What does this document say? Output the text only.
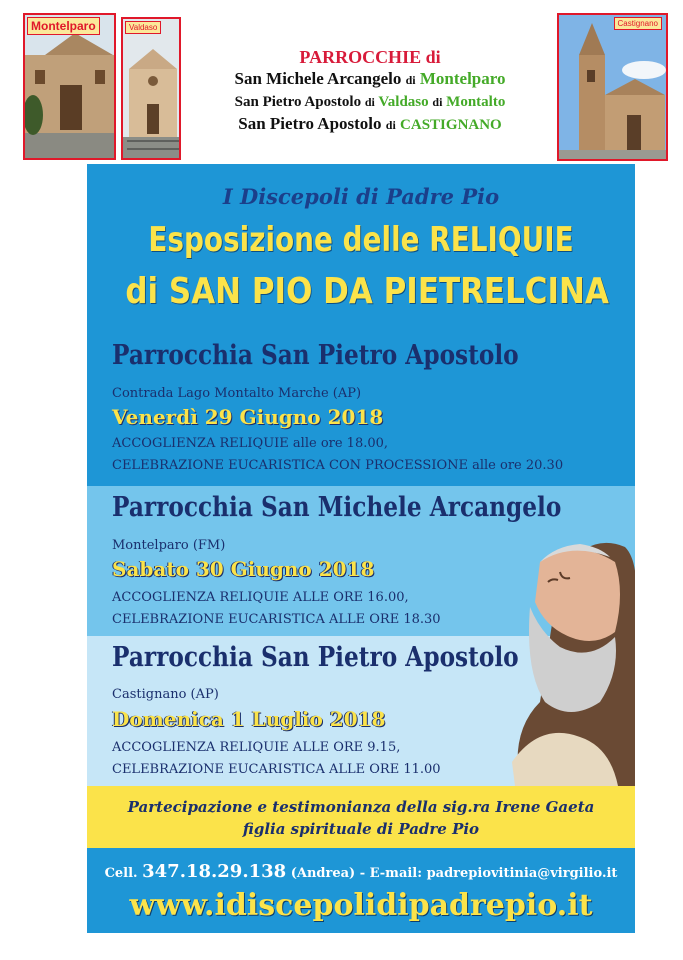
Montelparo	Valdaso	Castignano
PARROCCHIE di
San Michele Arcangelo di Montelparo
San Pietro Apostolo di Valdaso di Montalto
San Pietro Apostolo di CASTIGNANO
I Discepoli di Padre Pio
Esposizione delle RELIQUIE
di SAN PIO DA PIETRELCINA
Parrocchia San Pietro Apostolo
Contrada Lago Montalto Marche (AP)
Venerdì 29 Giugno 2018
ACCOGLIENZA RELIQUIE alle ore 18.00,
CELEBRAZIONE EUCARISTICA CON PROCESSIONE alle ore 20.30
Parrocchia San Michele Arcangelo
Montelparo (FM)
Sabato 30 Giugno 2018
ACCOGLIENZA RELIQUIE ALLE ORE 16.00,
CELEBRAZIONE EUCARISTICA ALLE ORE 18.30
Parrocchia San Pietro Apostolo
Castignano (AP)
Domenica 1 Luglio 2018
ACCOGLIENZA RELIQUIE ALLE ORE 9.15,
CELEBRAZIONE EUCARISTICA ALLE ORE 11.00
Partecipazione e testimonianza della sig.ra Irene Gaeta
figlia spirituale di Padre Pio
Cell. 347.18.29.138 (Andrea) - E-mail: padrepiovitinia@virgilio.it
www.idiscepolidipadrepio.it
